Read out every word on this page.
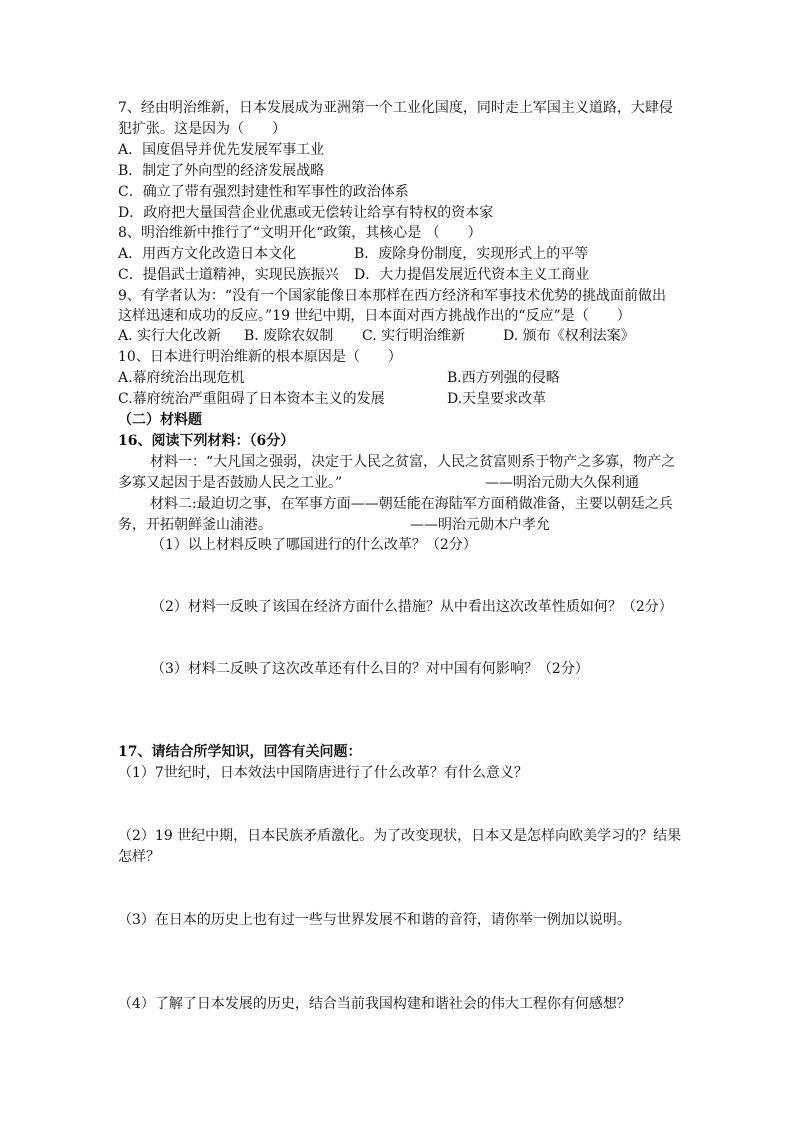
7、经由明治维新，日本发展成为亚洲第一个工业化国度，同时走上军国主义道路，大肆侵
犯扩张。这是因为（　　）
A．国度倡导并优先发展军事工业
B．制定了外向型的经济发展战略
C．确立了带有强烈封建性和军事性的政治体系
D．政府把大量国营企业优惠或无偿转让给享有特权的资本家
8、明治维新中推行了“文明开化“政策，其核心是 （　　）
A．用西方文化改造日本文化	B．废除身份制度，实现形式上的平等
C．提倡武士道精神，实现民族振兴 D．大力提倡发展近代资本主义工商业
9、有学者认为：“没有一个国家能像日本那样在西方经济和军事技术优势的挑战面前做出
这样迅速和成功的反应。”19 世纪中期，日本面对西方挑战作出的“反应”是（　　）
A. 实行大化改新 B. 废除农奴制 C. 实行明治维新	D. 颁布《权利法案》
10、日本进行明治维新的根本原因是（　　）
A.幕府统治出现危机	B.西方列强的侵略
C.幕府统治严重阻碍了日本资本主义的发展	D.天皇要求改革
（二）材料题
16、阅读下列材料：（6分）
材料一：“大凡国之强弱，决定于人民之贫富，人民之贫富则系于物产之多寡，物产之
多寡又起因于是否鼓励人民之工业。”	——明治元勋大久保利通
材料二:最迫切之事，在军事方面——朝廷能在海陆军方面稍做准备，主要以朝廷之兵
务，开拓朝鲜釜山浦港。	——明治元勋木户孝允
（1）以上材料反映了哪国进行的什么改革？（2分）
（2）材料一反映了该国在经济方面什么措施？从中看出这次改革性质如何？（2分）
（3）材料二反映了这次改革还有什么目的？对中国有何影响？（2分）
17、请结合所学知识，回答有关问题：
（1）7世纪时，日本效法中国隋唐进行了什么改革？有什么意义？
（2）19 世纪中期，日本民族矛盾激化。为了改变现状，日本又是怎样向欧美学习的？结果
怎样？
（3）在日本的历史上也有过一些与世界发展不和谐的音符，请你举一例加以说明。
（4）了解了日本发展的历史，结合当前我国构建和谐社会的伟大工程你有何感想？
